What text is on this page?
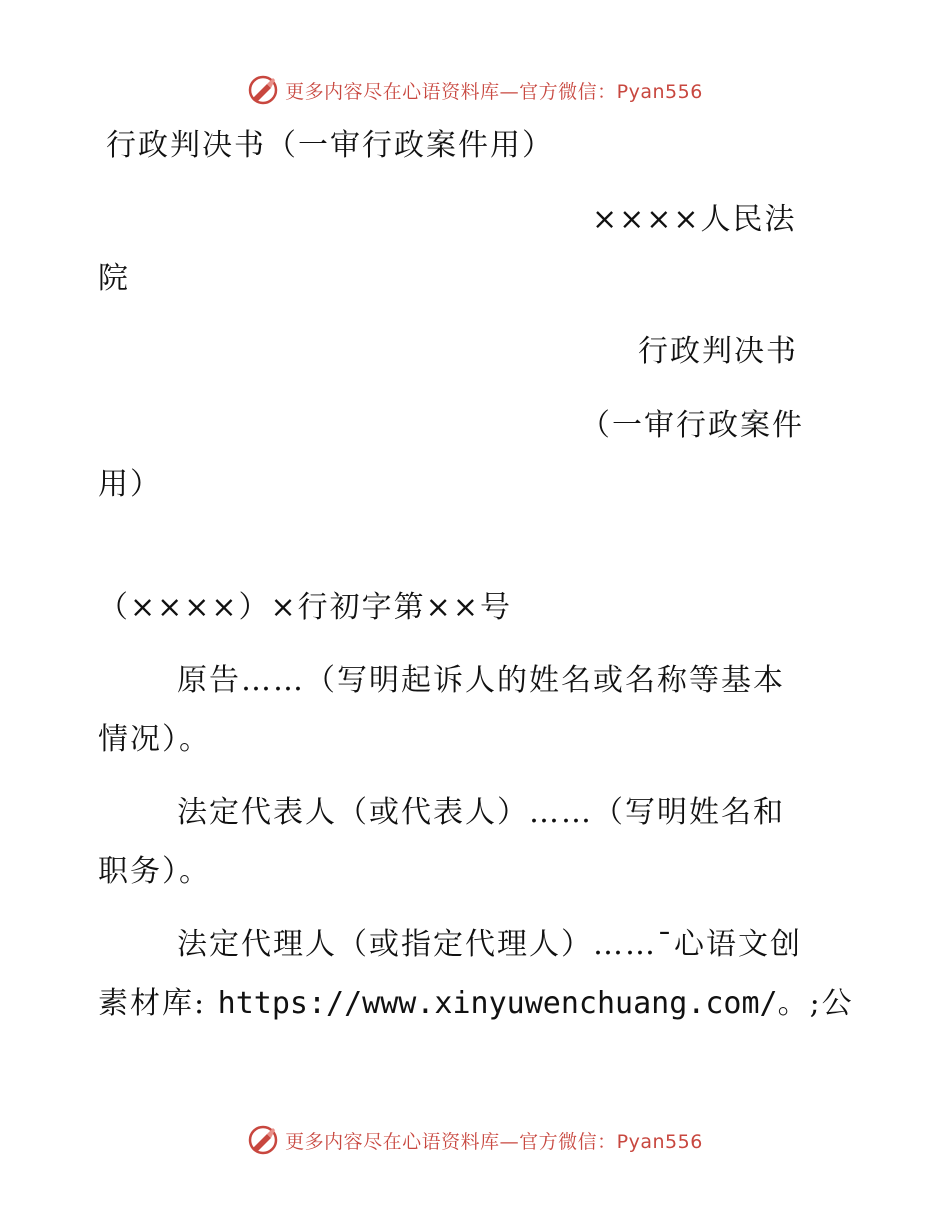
更多内容尽在心语资料库—官方微信：Pyan556
行政判决书（一审行政案件用）
××××人民法
院
行政判决书
（一审行政案件
用）
（××××）×行初字第××号
原告……（写明起诉人的姓名或名称等基本
情况）。
法定代表人（或代表人）……（写明姓名和
职务）。
法定代理人（或指定代理人）……¯心语文创
素材库: https://www.xinyuwenchuang.com/。;公
更多内容尽在心语资料库—官方微信：Pyan556
